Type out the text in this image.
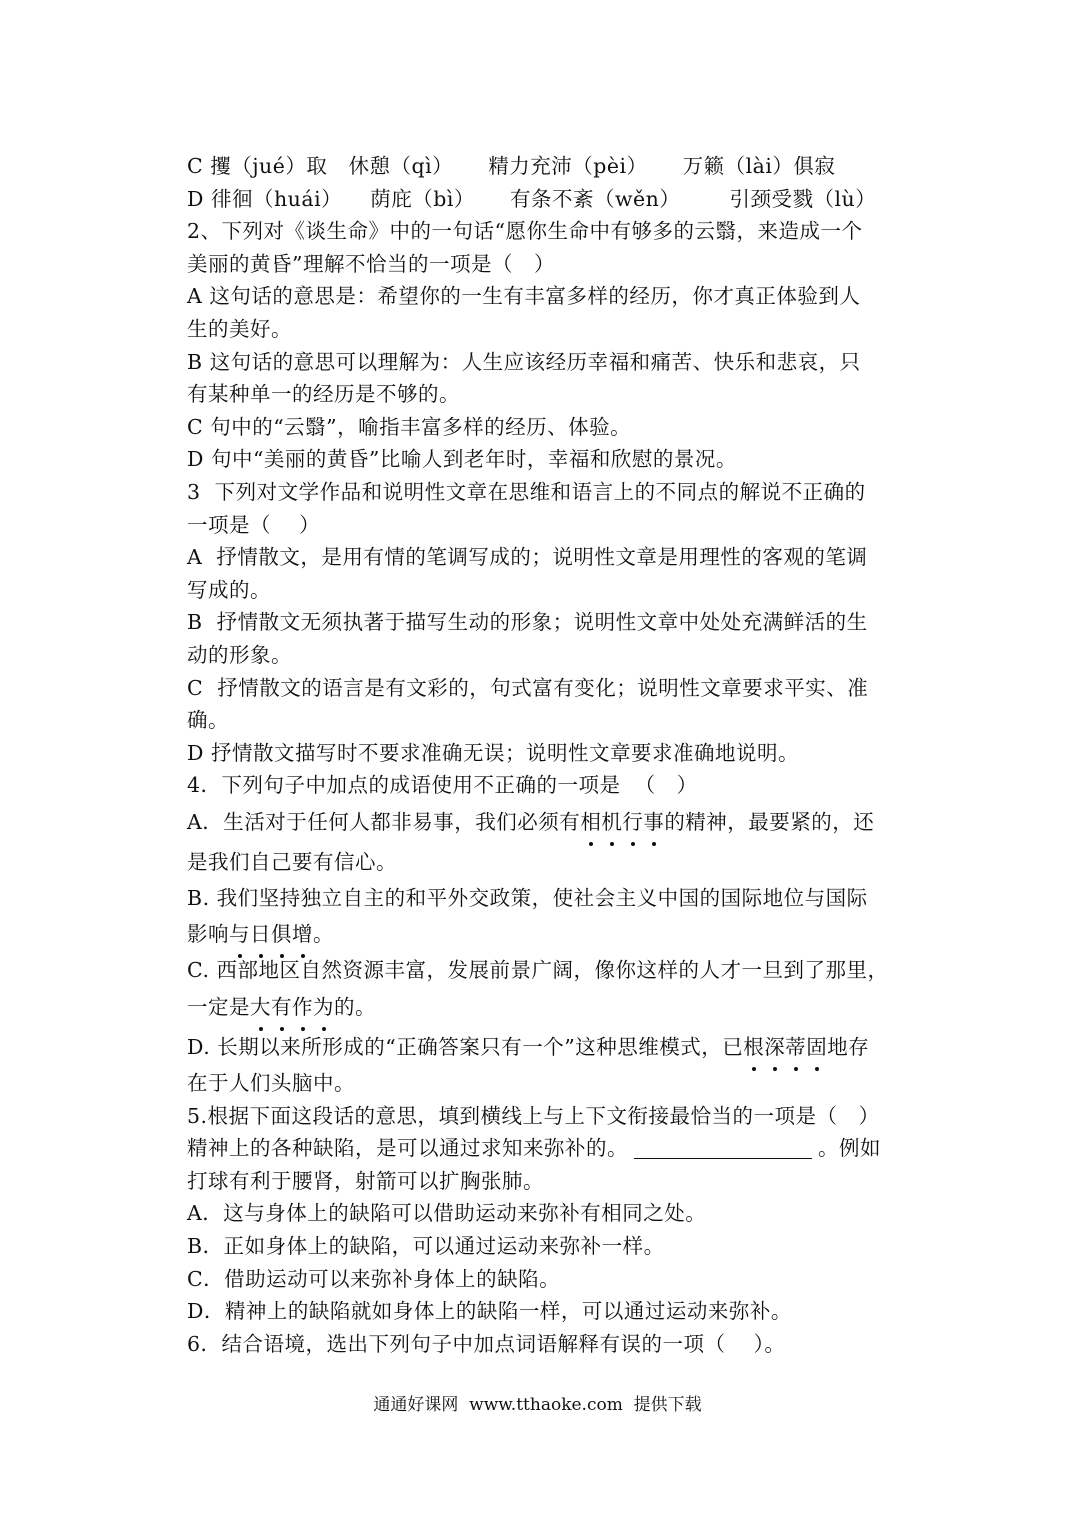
C 攫（jué）取   休憩（qì）     精力充沛（pèi）     万籁（lài）俱寂
D 徘徊（huái）    荫庇（bì）     有条不紊（wěn）       引颈受戮（lù）
2、下列对《谈生命》中的一句话“愿你生命中有够多的云翳，来造成一个
美丽的黄昏”理解不恰当的一项是（   ）
A 这句话的意思是：希望你的一生有丰富多样的经历，你才真正体验到人
生的美好。
B 这句话的意思可以理解为：人生应该经历幸福和痛苦、快乐和悲哀，只
有某种单一的经历是不够的。
C 句中的“云翳”，喻指丰富多样的经历、体验。
D 句中“美丽的黄昏”比喻人到老年时，幸福和欣慰的景况。
3  下列对文学作品和说明性文章在思维和语言上的不同点的解说不正确的
一项是（    ）
A  抒情散文，是用有情的笔调写成的；说明性文章是用理性的客观的笔调
写成的。
B  抒情散文无须执著于描写生动的形象；说明性文章中处处充满鲜活的生
动的形象。
C  抒情散文的语言是有文彩的，句式富有变化；说明性文章要求平实、准
确。
D 抒情散文描写时不要求准确无误；说明性文章要求准确地说明。
4．下列句子中加点的成语使用不正确的一项是  （   ）
A．生活对于任何人都非易事，我们必须有相机行事的精神，最要紧的，还
是我们自己要有信心。
B. 我们坚持独立自主的和平外交政策，使社会主义中国的国际地位与国际
影响与日俱增。
C. 西部地区自然资源丰富，发展前景广阔，像你这样的人才一旦到了那里，
一定是大有作为的。
D. 长期以来所形成的“正确答案只有一个”这种思维模式，已根深蒂固地存
在于人们头脑中。
5.根据下面这段话的意思，填到横线上与上下文衔接最恰当的一项是（   ）
精神上的各种缺陷，是可以通过求知来弥补的。	。例如
打球有利于腰肾，射箭可以扩胸张肺。
A．这与身体上的缺陷可以借助运动来弥补有相同之处。
B．正如身体上的缺陷，可以通过运动来弥补一样。
C．借助运动可以来弥补身体上的缺陷。
D．精神上的缺陷就如身体上的缺陷一样，可以通过运动来弥补。
6．结合语境，选出下列句子中加点词语解释有误的一项（    ）。
通通好课网  www.tthaoke.com  提供下载
